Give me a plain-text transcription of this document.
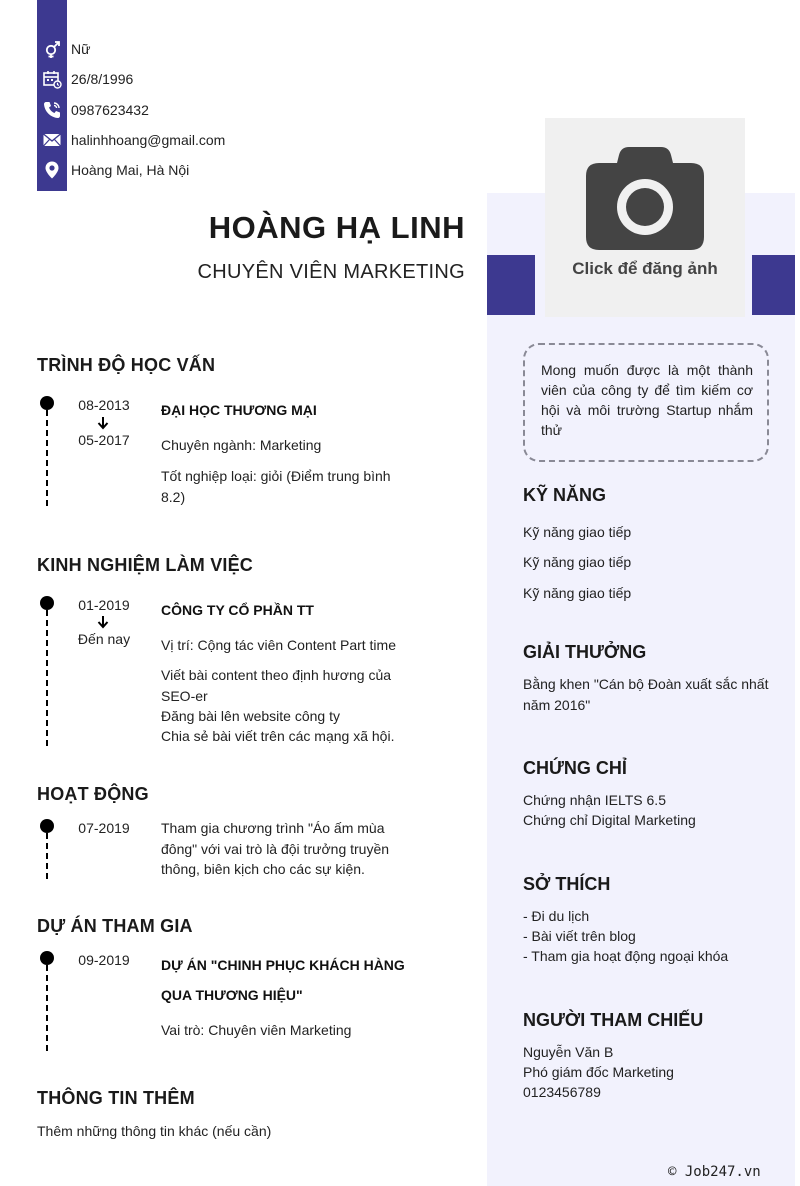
Nữ
26/8/1996
0987623432
halinhhoang@gmail.com
Hoàng Mai, Hà Nội
HOÀNG HẠ LINH
CHUYÊN VIÊN MARKETING	Click để đăng ảnh
Mong muốn được là một thành viên của công ty để tìm kiếm cơ hội và môi trường Startup nhắm thử
KỸ NĂNG
Kỹ năng giao tiếp
Kỹ năng giao tiếp
Kỹ năng giao tiếp
GIẢI THƯỞNG
Bằng khen "Cán bộ Đoàn xuất sắc nhất năm 2016"
CHỨNG CHỈ
Chứng nhận IELTS 6.5
Chứng chỉ Digital Marketing
SỞ THÍCH
- Đi du lịch
- Bài viết trên blog
- Tham gia hoạt động ngoại khóa
NGƯỜI THAM CHIẾU
Nguyễn Văn B
Phó giám đốc Marketing
0123456789
TRÌNH ĐỘ HỌC VẤN
08-2013
05-2017
ĐẠI HỌC THƯƠNG MẠI
Chuyên ngành: Marketing
Tốt nghiệp loại: giỏi (Điểm trung bình 8.2)
KINH NGHIỆM LÀM VIỆC
01-2019
Đến nay
CÔNG TY CỔ PHẦN TT
Vị trí: Cộng tác viên Content Part time
Viết bài content theo định hương của SEO-er
Đăng bài lên website công ty
Chia sẻ bài viết trên các mạng xã hội.
HOẠT ĐỘNG
07-2019 Tham gia chương trình "Áo ấm mùa đông" với vai trò là đội trưởng truyền thông, biên kịch cho các sự kiện.
DỰ ÁN THAM GIA
09-2019 DỰ ÁN "CHINH PHỤC KHÁCH HÀNG
QUA THƯƠNG HIỆU"
Vai trò: Chuyên viên Marketing
THÔNG TIN THÊM
Thêm những thông tin khác (nếu cần)
© Job247.vn
